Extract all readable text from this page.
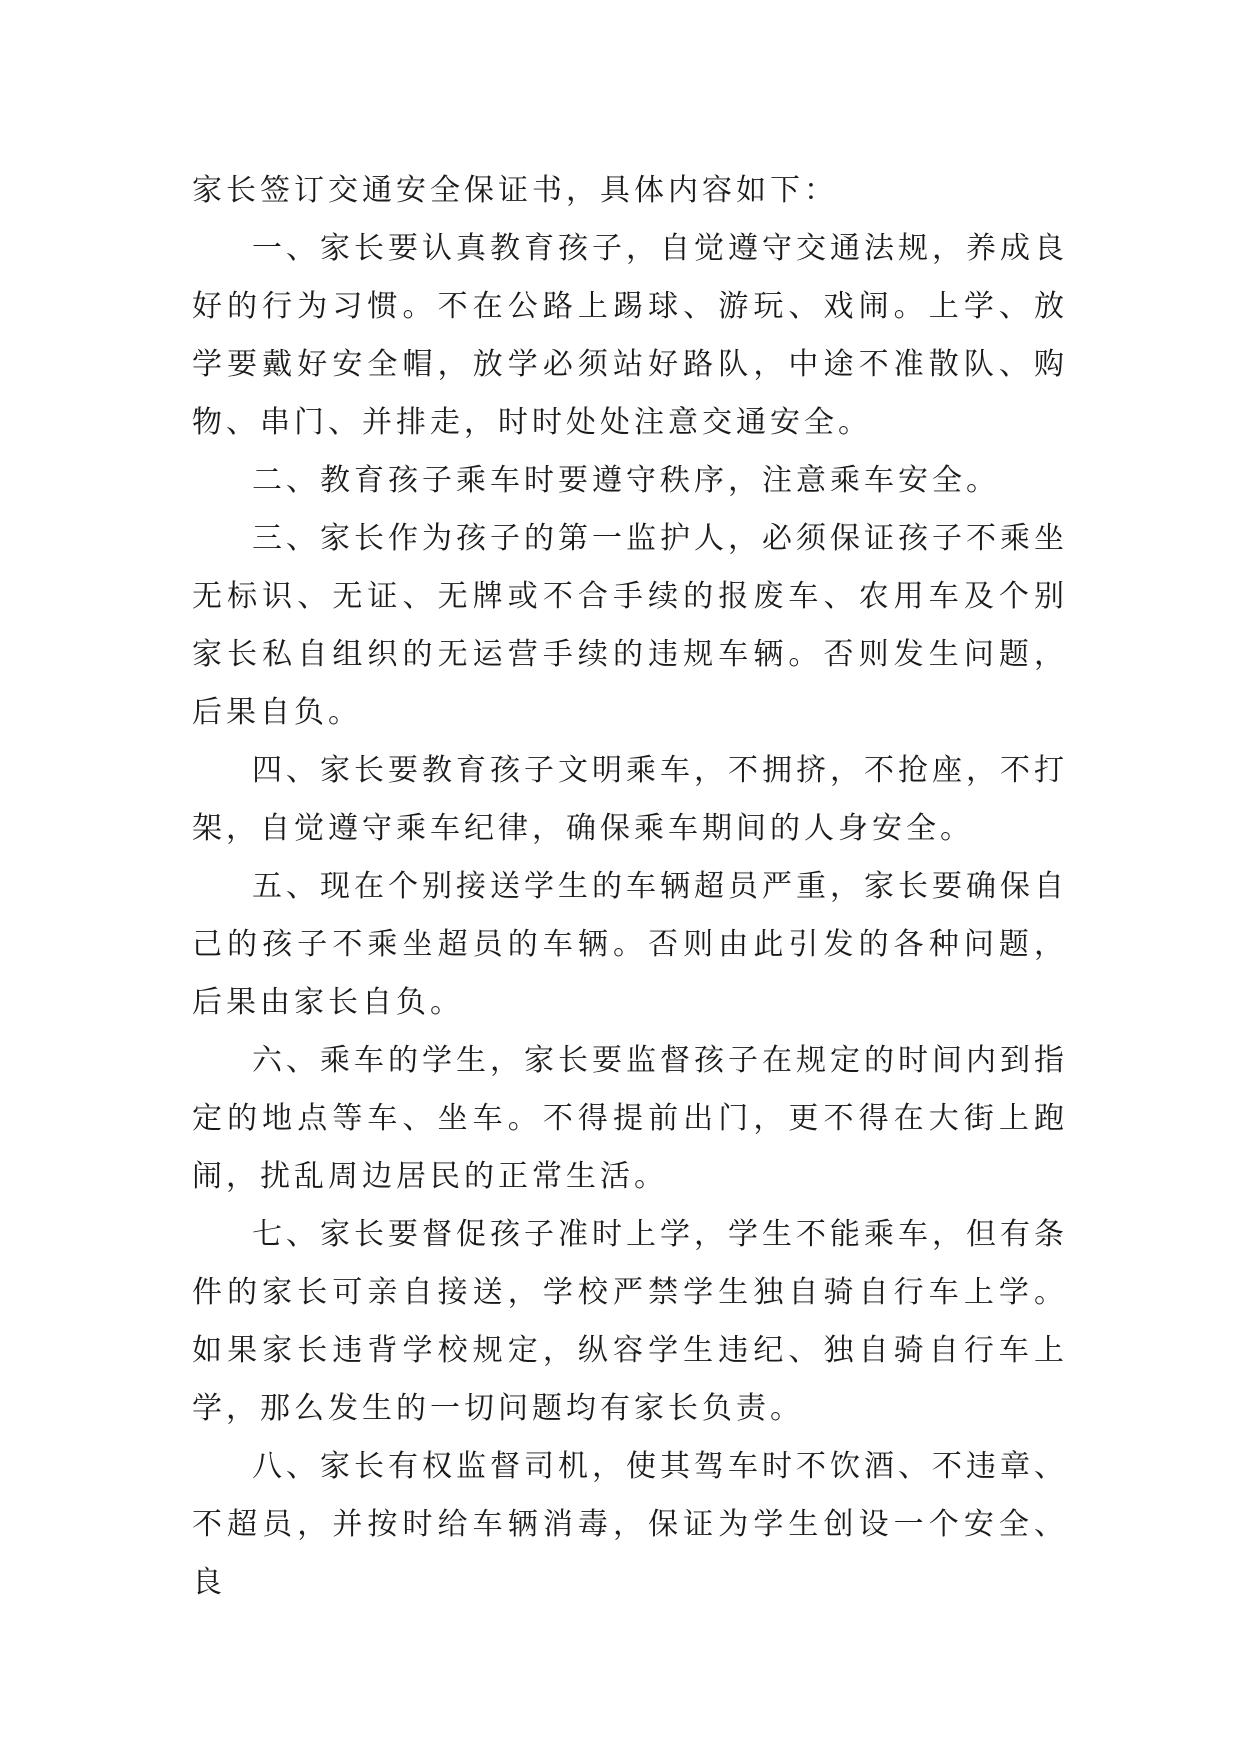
家长签订交通安全保证书，具体内容如下：

一、家长要认真教育孩子，自觉遵守交通法规，养成良好的行为习惯。不在公路上踢球、游玩、戏闹。上学、放学要戴好安全帽，放学必须站好路队，中途不准散队、购物、串门、并排走，时时处处注意交通安全。

二、教育孩子乘车时要遵守秩序，注意乘车安全。

三、家长作为孩子的第一监护人，必须保证孩子不乘坐无标识、无证、无牌或不合手续的报废车、农用车及个别家长私自组织的无运营手续的违规车辆。否则发生问题，后果自负。

四、家长要教育孩子文明乘车，不拥挤，不抢座，不打架，自觉遵守乘车纪律，确保乘车期间的人身安全。

五、现在个别接送学生的车辆超员严重，家长要确保自己的孩子不乘坐超员的车辆。否则由此引发的各种问题，后果由家长自负。

六、乘车的学生，家长要监督孩子在规定的时间内到指定的地点等车、坐车。不得提前出门，更不得在大街上跑闹，扰乱周边居民的正常生活。

七、家长要督促孩子准时上学，学生不能乘车，但有条件的家长可亲自接送，学校严禁学生独自骑自行车上学。如果家长违背学校规定，纵容学生违纪、独自骑自行车上学，那么发生的一切问题均有家长负责。

八、家长有权监督司机，使其驾车时不饮酒、不违章、不超员，并按时给车辆消毒，保证为学生创设一个安全、良
